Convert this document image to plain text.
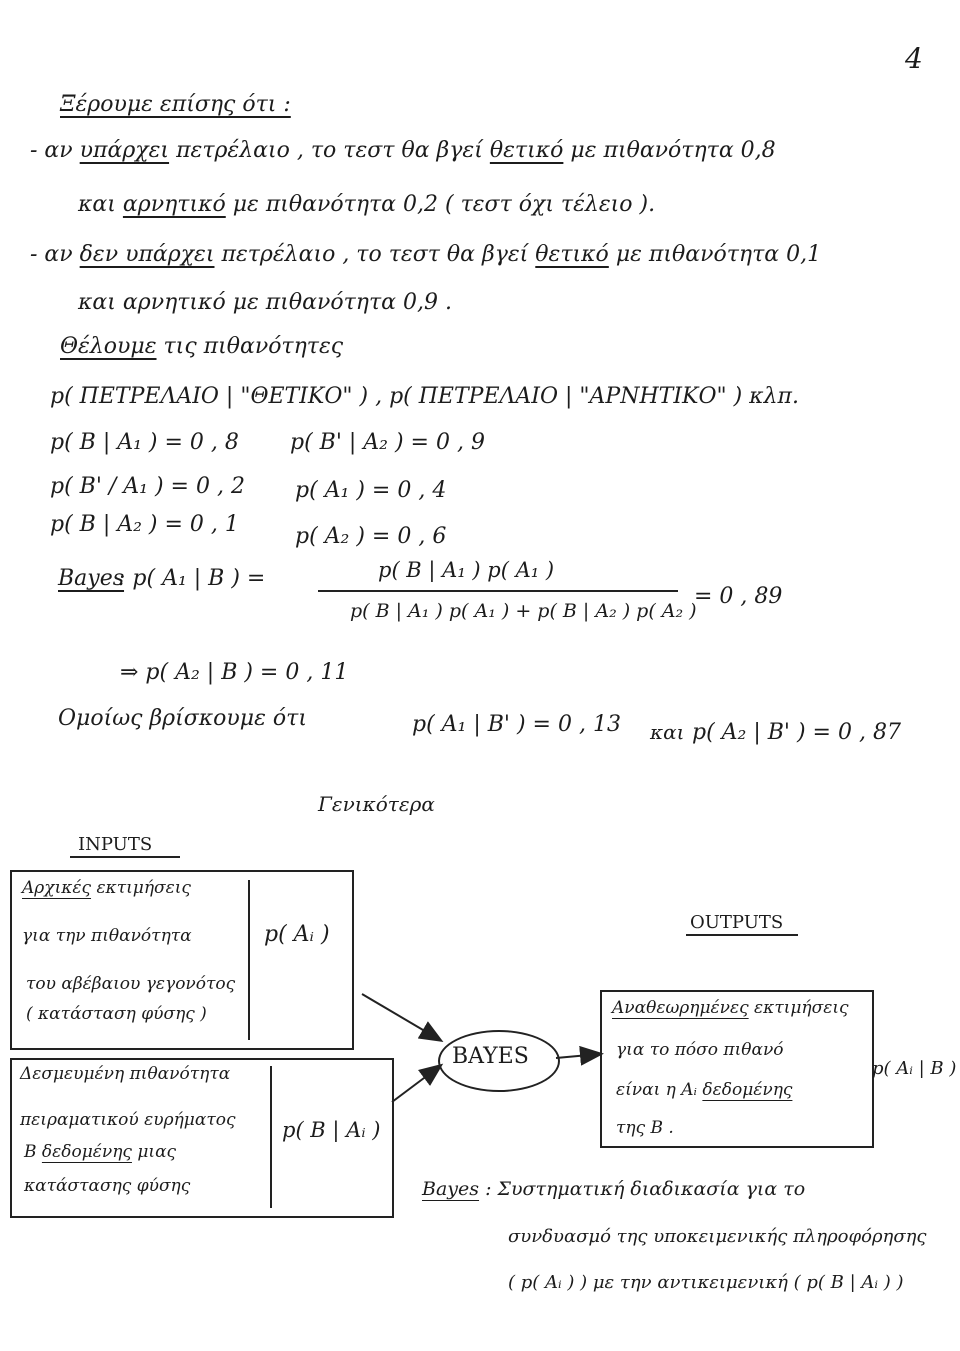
4
Ξέρουμε επίσης ότι :
- αν υπάρχει πετρέλαιο , το τεστ θα βγεί θετικό με πιθανότητα 0,8
και αρνητικό με πιθανότητα 0,2 ( τεστ όχι τέλειο ).
- αν δεν υπάρχει πετρέλαιο , το τεστ θα βγεί θετικό με πιθανότητα 0,1
και αρνητικό με πιθανότητα 0,9 .
Θέλουμε τις πιθανότητες
p( ΠΕΤΡΕΛΑΙΟ | "ΘΕΤΙΚΟ" ) , p( ΠΕΤΡΕΛΑΙΟ | "ΑΡΝΗΤΙΚΟ" ) κλπ.
p( B | A₁ ) = 0 , 8 p( B' | A₂ ) = 0 , 9
p( B' / A₁ ) = 0 , 2 p( A₁ ) = 0 , 4
p( B | A₂ ) = 0 , 1	p( A₂ ) = 0 , 6
Bayes
: p( A₁ | B ) =	p( B | A₁ ) p( A₁ )
p( B | A₁ ) p( A₁ ) + p( B | A₂ ) p( A₂ )
= 0 , 89
⇒ p( A₂ | B ) = 0 , 11
Ομοίως βρίσκουμε ότι	p( A₁ | B' ) = 0 , 13 και p( A₂ | B' ) = 0 , 87
Γενικότερα
INPUTS
Αρχικές εκτιμήσεις
για την πιθανότητα
του αβέβαιου γεγονότος
( κατάσταση φύσης )
p( Aᵢ )
Δεσμευμένη πιθανότητα
πειραματικού ευρήματος
B δεδομένης μιας
κατάστασης φύσης
p( B | Aᵢ )
BAYES
OUTPUTS
Αναθεωρημένες εκτιμήσεις
για το πόσο πιθανό
είναι η Aᵢ δεδομένης
της B .
p( Aᵢ | B )
Bayes : Συστηματική διαδικασία για το
συνδυασμό της υποκειμενικής πληροφόρησης
( p( Aᵢ ) ) με την αντικειμενική ( p( B | Aᵢ ) )
